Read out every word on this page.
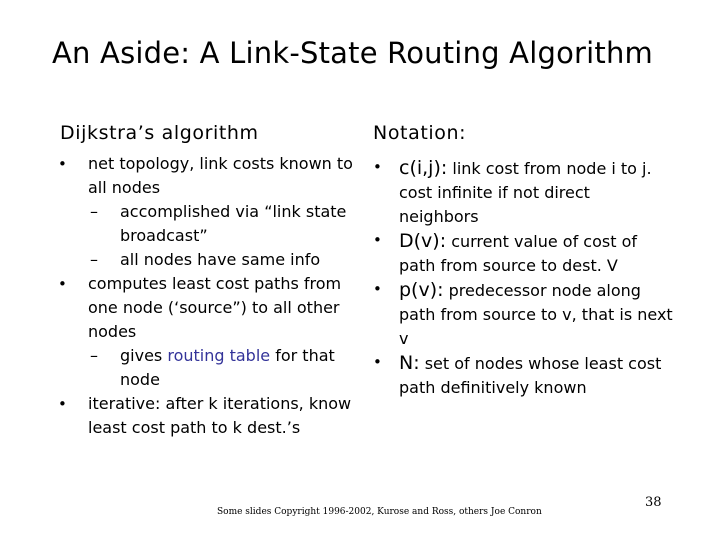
An Aside: A Link-State Routing Algorithm
Dijkstra’s algorithm
• net topology, link costs known to all nodes
– accomplished via “link state broadcast”
– all nodes have same info
• computes least cost paths from one node (‘source”) to all other nodes
– gives routing table for that node
• iterative: after k iterations, know least cost path to k dest.’s
Notation:
• c(i,j): link cost from node i to j. cost infinite if not direct neighbors
• D(v): current value of cost of path from source to dest. V
• p(v): predecessor node along path from source to v, that is next v
• N: set of nodes whose least cost path definitively known
Some slides Copyright 1996-2002, Kurose and Ross, others Joe Conron
38
